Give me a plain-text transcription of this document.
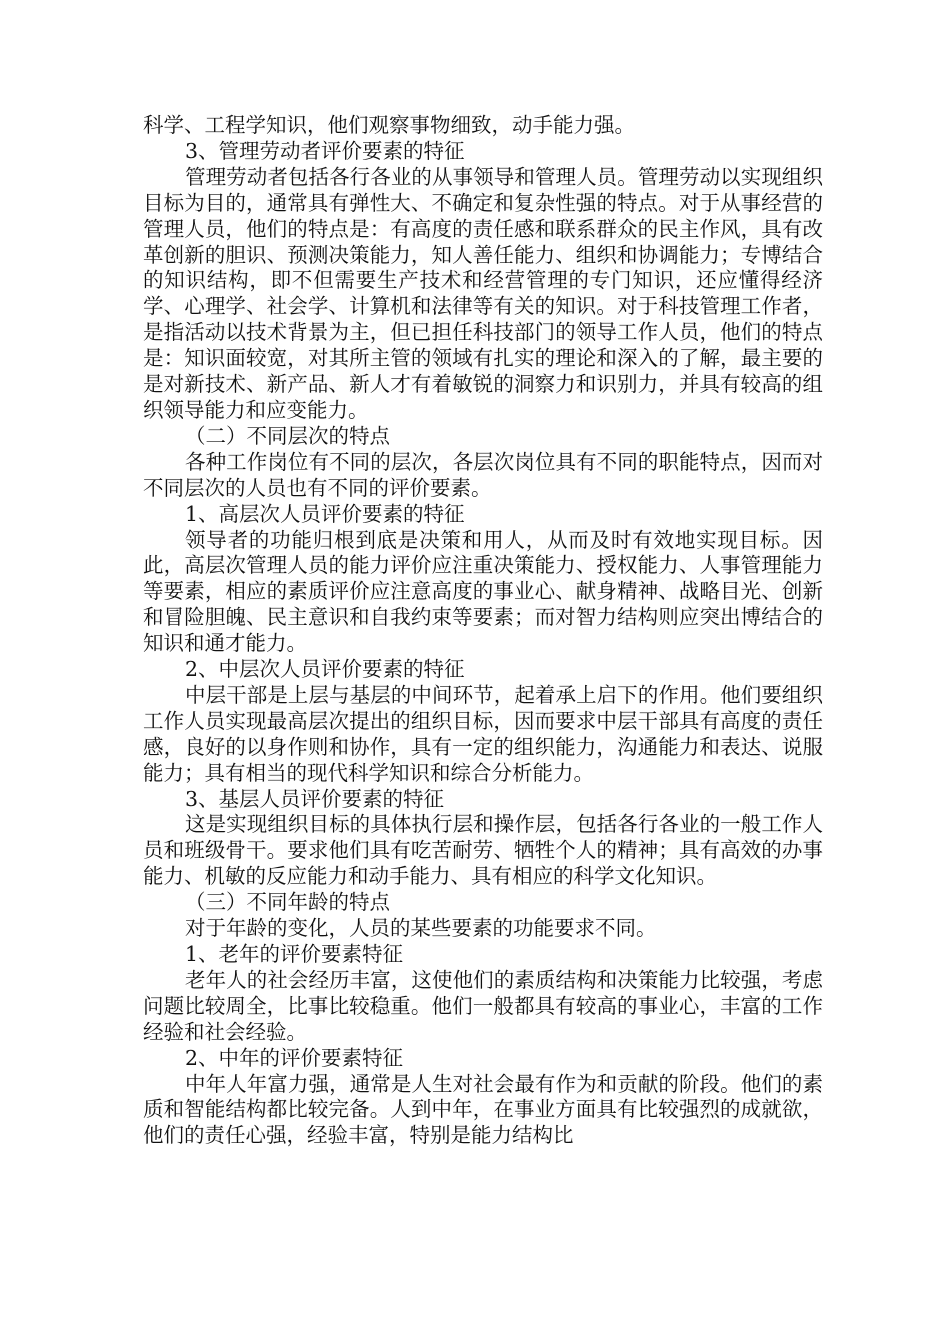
科学、工程学知识，他们观察事物细致，动手能力强。

3、管理劳动者评价要素的特征

管理劳动者包括各行各业的从事领导和管理人员。管理劳动以实现组织目标为目的，通常具有弹性大、不确定和复杂性强的特点。对于从事经营的管理人员，他们的特点是：有高度的责任感和联系群众的民主作风，具有改革创新的胆识、预测决策能力，知人善任能力、组织和协调能力；专博结合的知识结构，即不但需要生产技术和经营管理的专门知识，还应懂得经济学、心理学、社会学、计算机和法律等有关的知识。对于科技管理工作者，是指活动以技术背景为主，但已担任科技部门的领导工作人员，他们的特点是：知识面较宽，对其所主管的领域有扎实的理论和深入的了解，最主要的是对新技术、新产品、新人才有着敏锐的洞察力和识别力，并具有较高的组织领导能力和应变能力。

（二）不同层次的特点

各种工作岗位有不同的层次，各层次岗位具有不同的职能特点，因而对不同层次的人员也有不同的评价要素。

1、高层次人员评价要素的特征

领导者的功能归根到底是决策和用人，从而及时有效地实现目标。因此，高层次管理人员的能力评价应注重决策能力、授权能力、人事管理能力等要素，相应的素质评价应注意高度的事业心、献身精神、战略目光、创新和冒险胆魄、民主意识和自我约束等要素；而对智力结构则应突出博结合的知识和通才能力。

2、中层次人员评价要素的特征

中层干部是上层与基层的中间环节，起着承上启下的作用。他们要组织工作人员实现最高层次提出的组织目标，因而要求中层干部具有高度的责任感，良好的以身作则和协作，具有一定的组织能力，沟通能力和表达、说服能力；具有相当的现代科学知识和综合分析能力。

3、基层人员评价要素的特征

这是实现组织目标的具体执行层和操作层，包括各行各业的一般工作人员和班级骨干。要求他们具有吃苦耐劳、牺牲个人的精神；具有高效的办事能力、机敏的反应能力和动手能力、具有相应的科学文化知识。

（三）不同年龄的特点

对于年龄的变化，人员的某些要素的功能要求不同。

1、老年的评价要素特征

老年人的社会经历丰富，这使他们的素质结构和决策能力比较强，考虑问题比较周全，比事比较稳重。他们一般都具有较高的事业心，丰富的工作经验和社会经验。

2、中年的评价要素特征

中年人年富力强，通常是人生对社会最有作为和贡献的阶段。他们的素质和智能结构都比较完备。人到中年，在事业方面具有比较强烈的成就欲，他们的责任心强，经验丰富，特别是能力结构比
